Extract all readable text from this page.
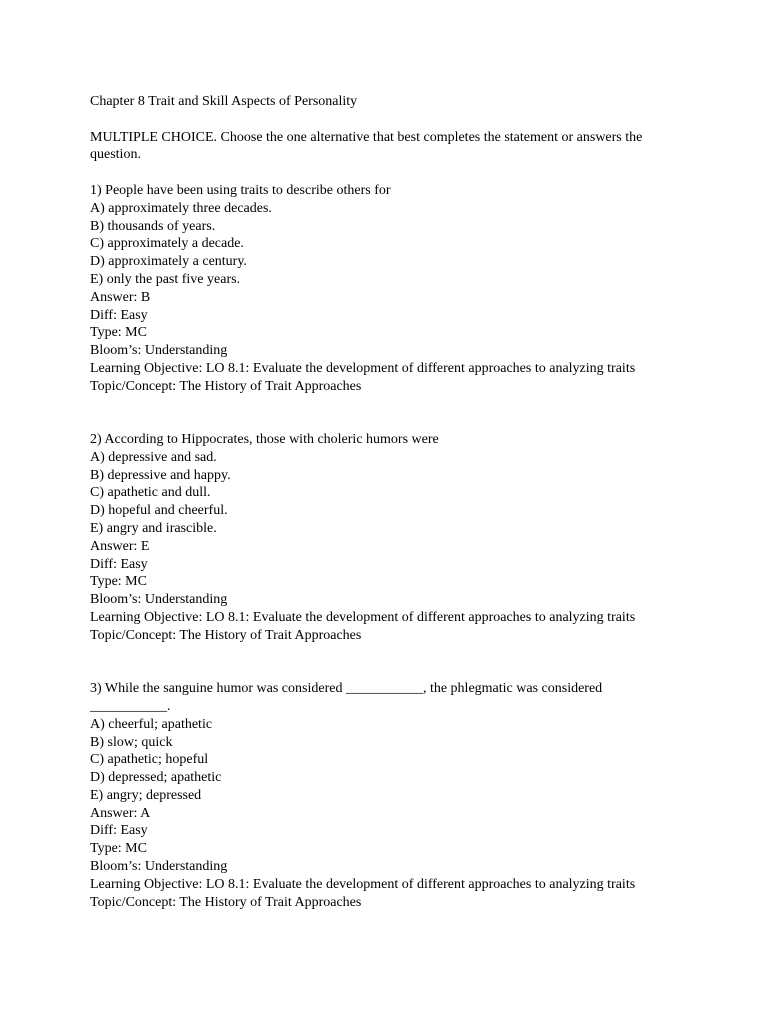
Chapter 8 Trait and Skill Aspects of Personality
MULTIPLE CHOICE. Choose the one alternative that best completes the statement or answers the question.
1) People have been using traits to describe others for
A) approximately three decades.
B) thousands of years.
C) approximately a decade.
D) approximately a century.
E) only the past five years.
Answer: B
Diff: Easy
Type: MC
Bloom’s: Understanding
Learning Objective: LO 8.1: Evaluate the development of different approaches to analyzing traits
Topic/Concept: The History of Trait Approaches
2) According to Hippocrates, those with choleric humors were
A) depressive and sad.
B) depressive and happy.
C) apathetic and dull.
D) hopeful and cheerful.
E) angry and irascible.
Answer: E
Diff: Easy
Type: MC
Bloom’s: Understanding
Learning Objective: LO 8.1: Evaluate the development of different approaches to analyzing traits
Topic/Concept: The History of Trait Approaches
3) While the sanguine humor was considered ___________, the phlegmatic was considered
___________.
A) cheerful; apathetic
B) slow; quick
C) apathetic; hopeful
D) depressed; apathetic
E) angry; depressed
Answer: A
Diff: Easy
Type: MC
Bloom’s: Understanding
Learning Objective: LO 8.1: Evaluate the development of different approaches to analyzing traits
Topic/Concept: The History of Trait Approaches
